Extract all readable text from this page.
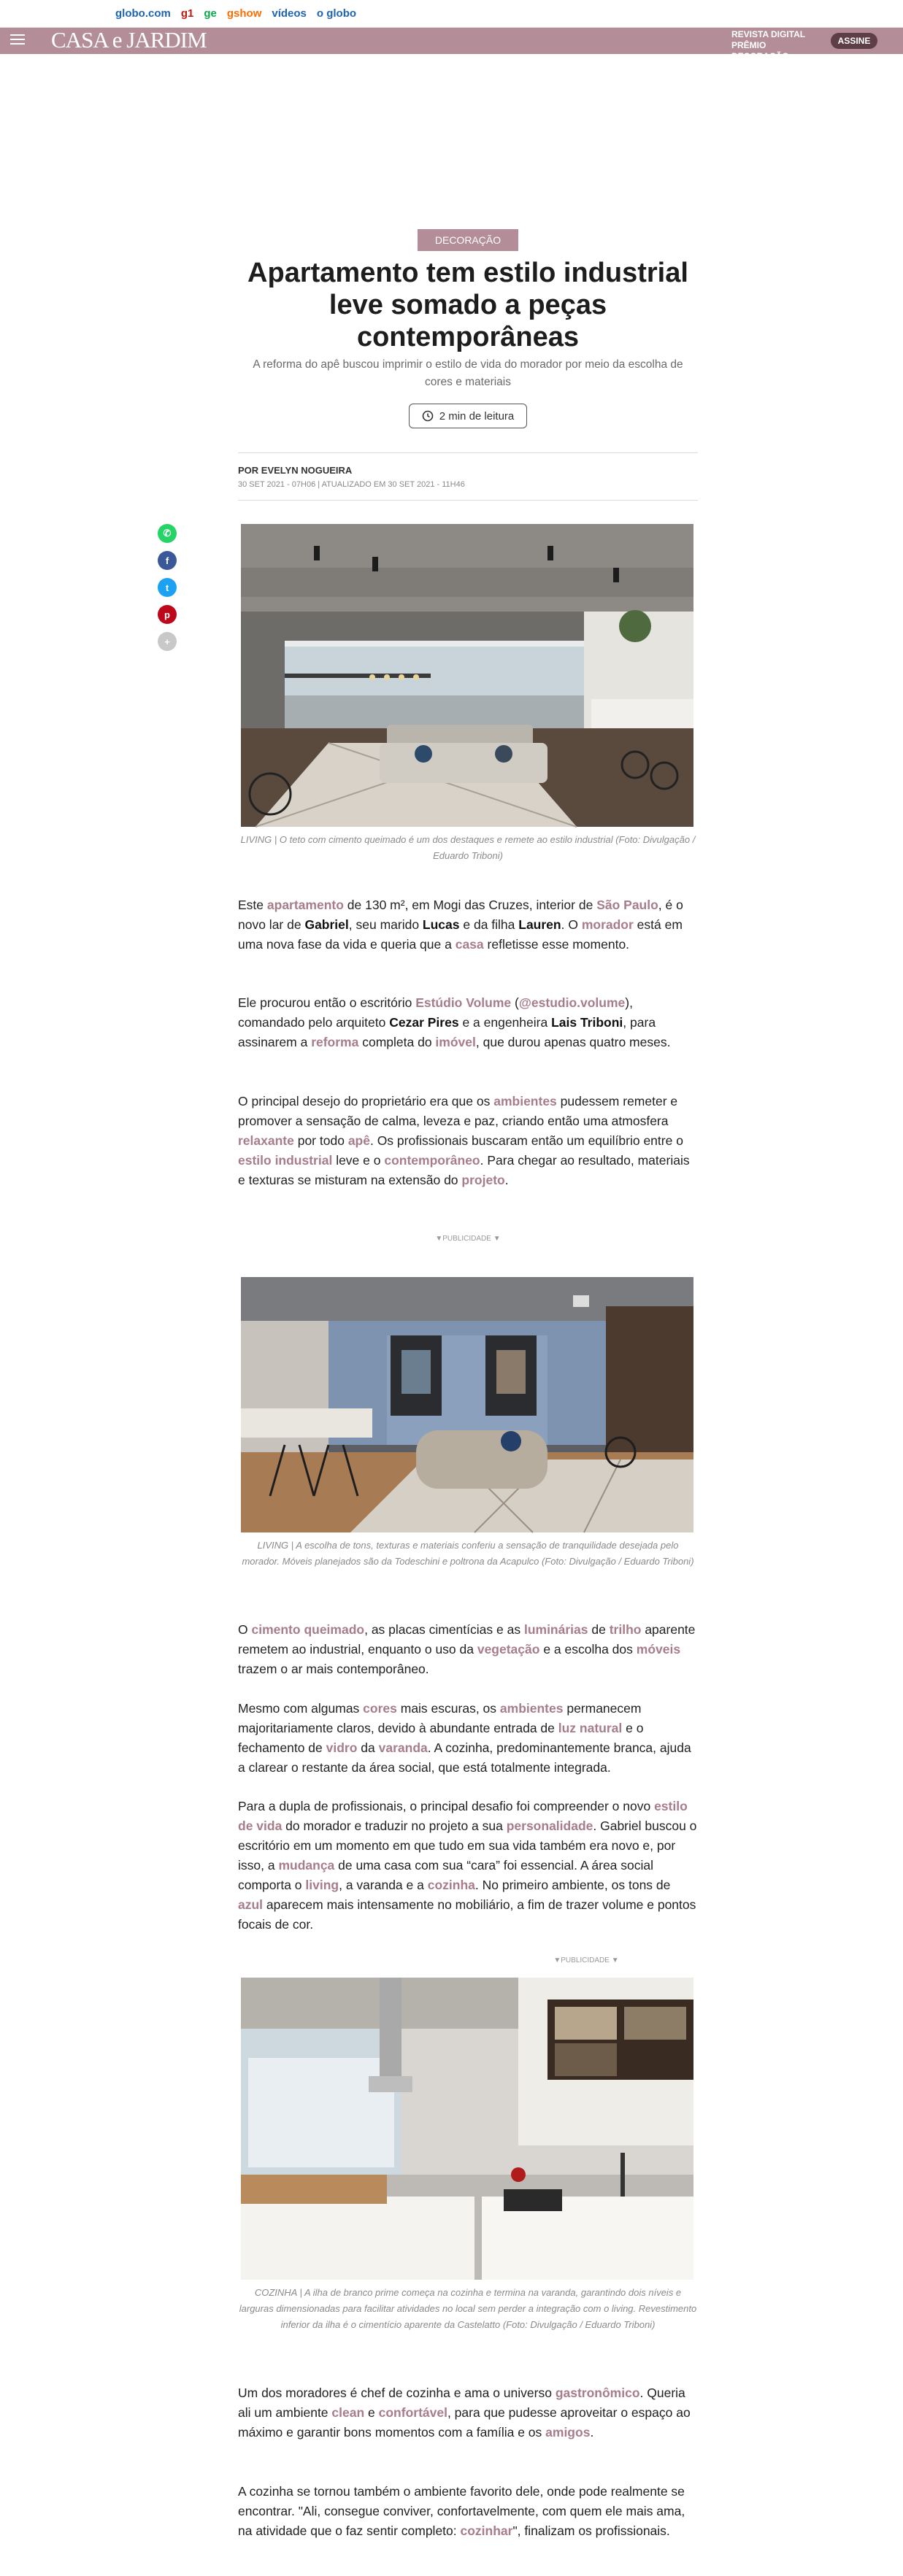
globo.com g1 ge gshow vídeos o globo
CASA e JARDIM	REVISTA DIGITAL
PRÊMIO
DECORAÇÃO
ASSINE
DECORAÇÃO
Apartamento tem estilo industrial leve somado a peças contemporâneas

A reforma do apê buscou imprimir o estilo de vida do morador por meio da escolha de cores e materiais

2 min de leitura
POR EVELYN NOGUEIRA
30 SET 2021 - 07H06 | ATUALIZADO EM 30 SET 2021 - 11H46
✆
f
t
p
+
LIVING | O teto com cimento queimado é um dos destaques e remete ao estilo industrial (Foto: Divulgação / Eduardo Triboni)
Este apartamento de 130 m², em Mogi das Cruzes, interior de São Paulo, é o novo lar de Gabriel, seu marido Lucas e da filha Lauren. O morador está em uma nova fase da vida e queria que a casa refletisse esse momento.
Ele procurou então o escritório Estúdio Volume (@estudio.volume), comandado pelo arquiteto Cezar Pires e a engenheira Lais Triboni, para assinarem a reforma completa do imóvel, que durou apenas quatro meses.
O principal desejo do proprietário era que os ambientes pudessem remeter e promover a sensação de calma, leveza e paz, criando então uma atmosfera relaxante por todo apê. Os profissionais buscaram então um equilíbrio entre o estilo industrial leve e o contemporâneo. Para chegar ao resultado, materiais e texturas se misturam na extensão do projeto.
▼PUBLICIDADE ▼
LIVING | A escolha de tons, texturas e materiais conferiu a sensação de tranquilidade desejada pelo morador. Móveis planejados são da Todeschini e poltrona da Acapulco (Foto: Divulgação / Eduardo Triboni)
O cimento queimado, as placas cimentícias e as luminárias de trilho aparente remetem ao industrial, enquanto o uso da vegetação e a escolha dos móveis trazem o ar mais contemporâneo.
Mesmo com algumas cores mais escuras, os ambientes permanecem majoritariamente claros, devido à abundante entrada de luz natural e o fechamento de vidro da varanda. A cozinha, predominantemente branca, ajuda a clarear o restante da área social, que está totalmente integrada.
Para a dupla de profissionais, o principal desafio foi compreender o novo estilo de vida do morador e traduzir no projeto a sua personalidade. Gabriel buscou o escritório em um momento em que tudo em sua vida também era novo e, por isso, a mudança de uma casa com sua “cara” foi essencial. A área social comporta o living, a varanda e a cozinha. No primeiro ambiente, os tons de azul aparecem mais intensamente no mobiliário, a fim de trazer volume e pontos focais de cor.
▼PUBLICIDADE ▼
COZINHA | A ilha de branco prime começa na cozinha e termina na varanda, garantindo dois níveis e larguras dimensionadas para facilitar atividades no local sem perder a integração com o living. Revestimento inferior da ilha é o cimentício aparente da Castelatto (Foto: Divulgação / Eduardo Triboni)
Um dos moradores é chef de cozinha e ama o universo gastronômico. Queria ali um ambiente clean e confortável, para que pudesse aproveitar o espaço ao máximo e garantir bons momentos com a família e os amigos.
A cozinha se tornou também o ambiente favorito dele, onde pode realmente se encontrar. "Ali, consegue conviver, confortavelmente, com quem ele mais ama, na atividade que o faz sentir completo: cozinhar", finalizam os profissionais.
